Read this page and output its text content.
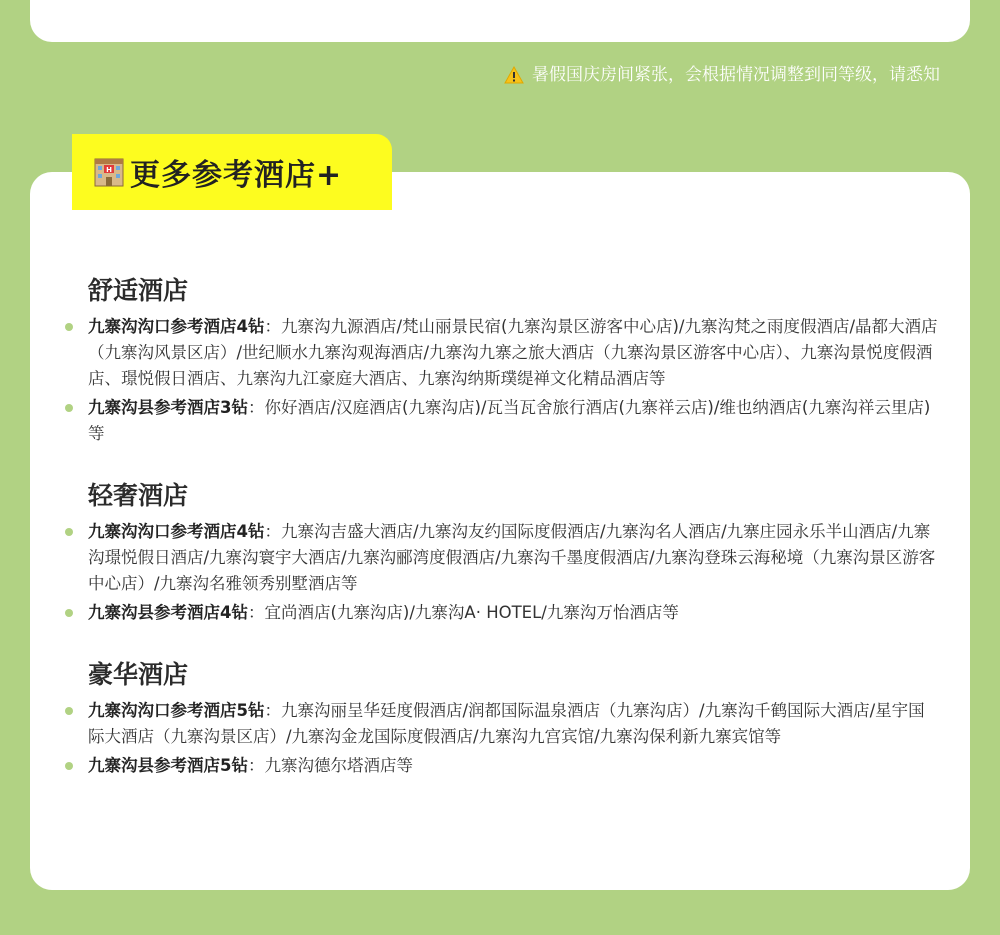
暑假国庆房间紧张，会根据情况调整到同等级，请悉知
H 更多参考酒店+
舒适酒店
九寨沟沟口参考酒店4钻：九寨沟九源酒店/梵山丽景民宿(九寨沟景区游客中心店)/九寨沟梵之雨度假酒店/晶都大酒店（九寨沟风景区店）/世纪顺水九寨沟观海酒店/九寨沟九寨之旅大酒店（九寨沟景区游客中心店）、九寨沟景悦度假酒店、璟悦假日酒店、九寨沟九江豪庭大酒店、九寨沟纳斯璞缇禅文化精品酒店等
九寨沟县参考酒店3钻：你好酒店/汉庭酒店(九寨沟店)/瓦当瓦舍旅行酒店(九寨祥云店)/维也纳酒店(九寨沟祥云里店)等
轻奢酒店
九寨沟沟口参考酒店4钻：九寨沟吉盛大酒店/九寨沟友约国际度假酒店/九寨沟名人酒店/九寨庄园永乐半山酒店/九寨沟璟悦假日酒店/九寨沟寰宇大酒店/九寨沟郦湾度假酒店/九寨沟千墨度假酒店/九寨沟登珠云海秘境（九寨沟景区游客中心店）/九寨沟名雅领秀别墅酒店等
九寨沟县参考酒店4钻：宜尚酒店(九寨沟店)/九寨沟A· HOTEL/九寨沟万怡酒店等
豪华酒店
九寨沟沟口参考酒店5钻：九寨沟丽呈华廷度假酒店/润都国际温泉酒店（九寨沟店）/九寨沟千鹤国际大酒店/星宇国际大酒店（九寨沟景区店）/九寨沟金龙国际度假酒店/九寨沟九宫宾馆/九寨沟保利新九寨宾馆等
九寨沟县参考酒店5钻：九寨沟德尔塔酒店等
